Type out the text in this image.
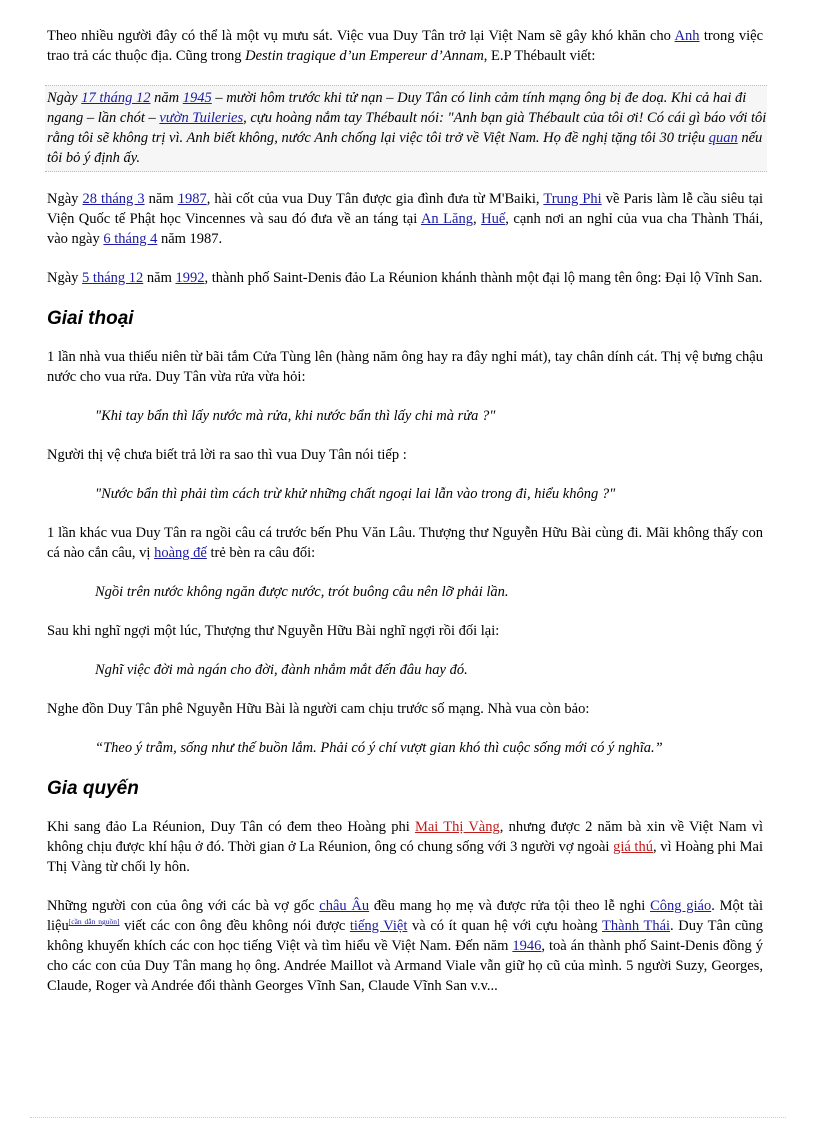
Theo nhiều người đây có thể là một vụ mưu sát. Việc vua Duy Tân trở lại Việt Nam sẽ gây khó khăn cho Anh trong việc trao trả các thuộc địa. Cũng trong Destin tragique d’un Empereur d’Annam, E.P Thébault viết:

Ngày 17 tháng 12 năm 1945 – mười hôm trước khi tử nạn – Duy Tân có linh cảm tính mạng ông bị đe doạ. Khi cả hai đi ngang – lần chót – vườn Tuileries, cựu hoàng nắm tay Thébault nói: "Anh bạn già Thébault của tôi ơi! Có cái gì báo với tôi rằng tôi sẽ không trị vì. Anh biết không, nước Anh chống lại việc tôi trở về Việt Nam. Họ đề nghị tặng tôi 30 triệu quan nếu tôi bỏ ý định ấy.

Ngày 28 tháng 3 năm 1987, hài cốt của vua Duy Tân được gia đình đưa từ M'Baiki, Trung Phi về Paris làm lễ cầu siêu tại Viện Quốc tế Phật học Vincennes và sau đó đưa về an táng tại An Lăng, Huế, cạnh nơi an nghỉ của vua cha Thành Thái, vào ngày 6 tháng 4 năm 1987.

Ngày 5 tháng 12 năm 1992, thành phố Saint-Denis đảo La Réunion khánh thành một đại lộ mang tên ông: Đại lộ Vĩnh San.

Giai thoại

1 lần nhà vua thiếu niên từ bãi tắm Cửa Tùng lên (hàng năm ông hay ra đây nghỉ mát), tay chân dính cát. Thị vệ bưng chậu nước cho vua rửa. Duy Tân vừa rửa vừa hỏi:

"Khi tay bẩn thì lấy nước mà rửa, khi nước bẩn thì lấy chi mà rửa ?"

Người thị vệ chưa biết trả lời ra sao thì vua Duy Tân nói tiếp :

"Nước bẩn thì phải tìm cách trừ khử những chất ngoại lai lẫn vào trong đi, hiểu không ?"

1 lần khác vua Duy Tân ra ngồi câu cá trước bến Phu Văn Lâu. Thượng thư Nguyễn Hữu Bài cùng đi. Mãi không thấy con cá nào cắn câu, vị hoàng đế trẻ bèn ra câu đối:

Ngồi trên nước không ngăn được nước, trót buông câu nên lỡ phải lần.

Sau khi nghĩ ngợi một lúc, Thượng thư Nguyễn Hữu Bài nghĩ ngợi rồi đối lại:

Nghĩ việc đời mà ngán cho đời, đành nhắm mắt đến đâu hay đó.

Nghe đồn Duy Tân phê Nguyễn Hữu Bài là người cam chịu trước số mạng. Nhà vua còn bảo:

“Theo ý trẫm, sống như thế buồn lắm. Phải có ý chí vượt gian khó thì cuộc sống mới có ý nghĩa.”

Gia quyến

Khi sang đảo La Réunion, Duy Tân có đem theo Hoàng phi Mai Thị Vàng, nhưng được 2 năm bà xin về Việt Nam vì không chịu được khí hậu ở đó. Thời gian ở La Réunion, ông có chung sống với 3 người vợ ngoài giá thú, vì Hoàng phi Mai Thị Vàng từ chối ly hôn.

Những người con của ông với các bà vợ gốc châu Âu đều mang họ mẹ và được rửa tội theo lễ nghi Công giáo. Một tài liệu[cần dẫn nguồn] viết các con ông đều không nói được tiếng Việt và có ít quan hệ với cựu hoàng Thành Thái. Duy Tân cũng không khuyến khích các con học tiếng Việt và tìm hiểu về Việt Nam. Đến năm 1946, toà án thành phố Saint-Denis đồng ý cho các con của Duy Tân mang họ ông. Andrée Maillot và Armand Viale vẫn giữ họ cũ của mình. 5 người Suzy, Georges, Claude, Roger và Andrée đổi thành Georges Vĩnh San, Claude Vĩnh San v.v...
